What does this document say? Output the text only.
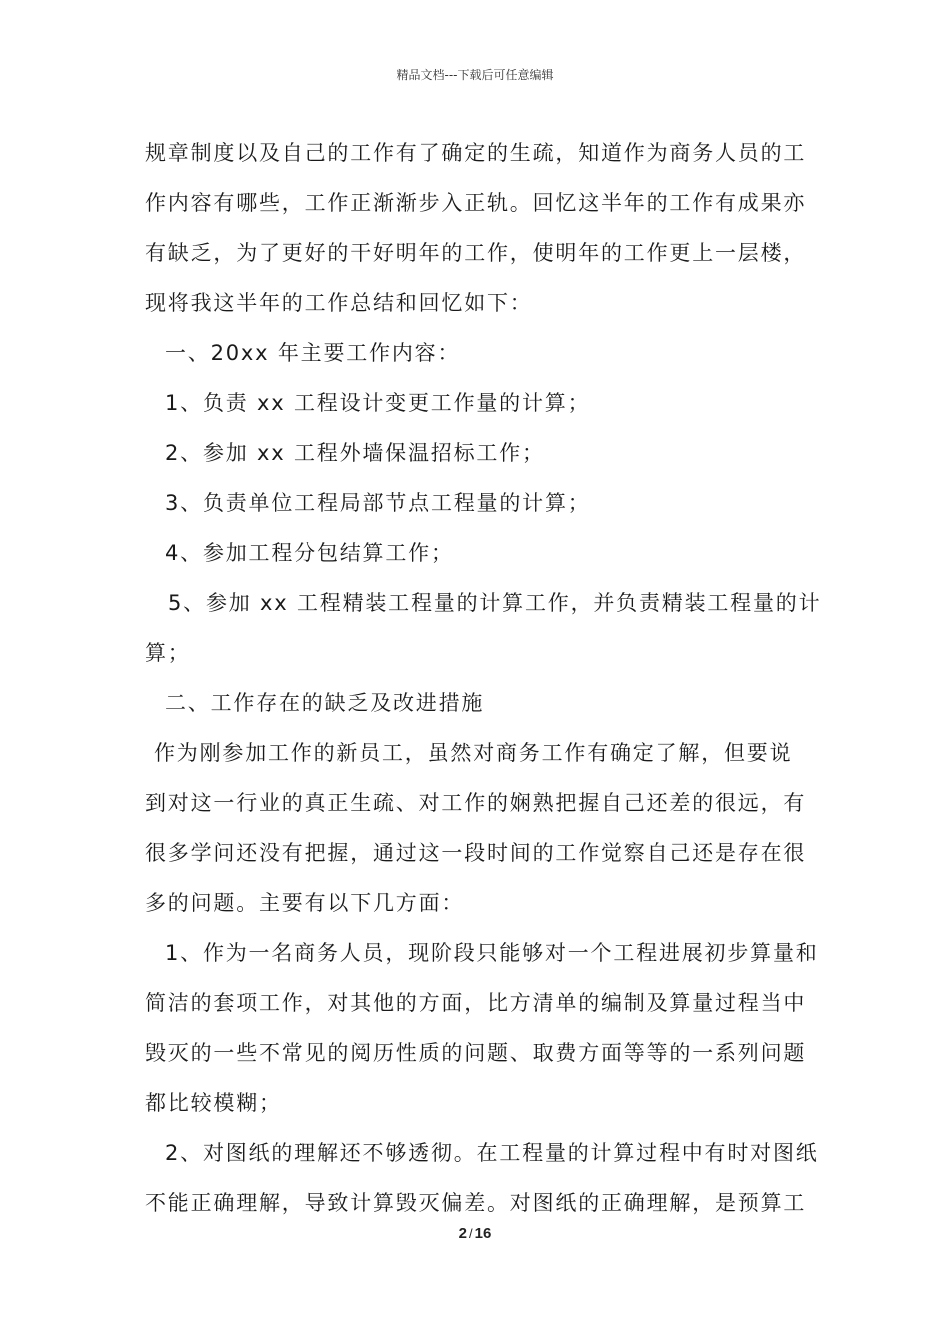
精品文档---下载后可任意编辑
规章制度以及自己的工作有了确定的生疏，知道作为商务人员的工
作内容有哪些，工作正渐渐步入正轨。回忆这半年的工作有成果亦
有缺乏，为了更好的干好明年的工作，使明年的工作更上一层楼，
现将我这半年的工作总结和回忆如下：
一、20xx 年主要工作内容：
1、负责 xx 工程设计变更工作量的计算；
2、参加 xx 工程外墙保温招标工作；
3、负责单位工程局部节点工程量的计算；
4、参加工程分包结算工作；
5、参加 xx 工程精装工程量的计算工作，并负责精装工程量的计
算；
二、工作存在的缺乏及改进措施
作为刚参加工作的新员工，虽然对商务工作有确定了解，但要说
到对这一行业的真正生疏、对工作的娴熟把握自己还差的很远，有
很多学问还没有把握，通过这一段时间的工作觉察自己还是存在很
多的问题。主要有以下几方面：
1、作为一名商务人员，现阶段只能够对一个工程进展初步算量和
简洁的套项工作，对其他的方面，比方清单的编制及算量过程当中
毁灭的一些不常见的阅历性质的问题、取费方面等等的一系列问题
都比较模糊；
2、对图纸的理解还不够透彻。在工程量的计算过程中有时对图纸
不能正确理解，导致计算毁灭偏差。对图纸的正确理解，是预算工
2 / 16
